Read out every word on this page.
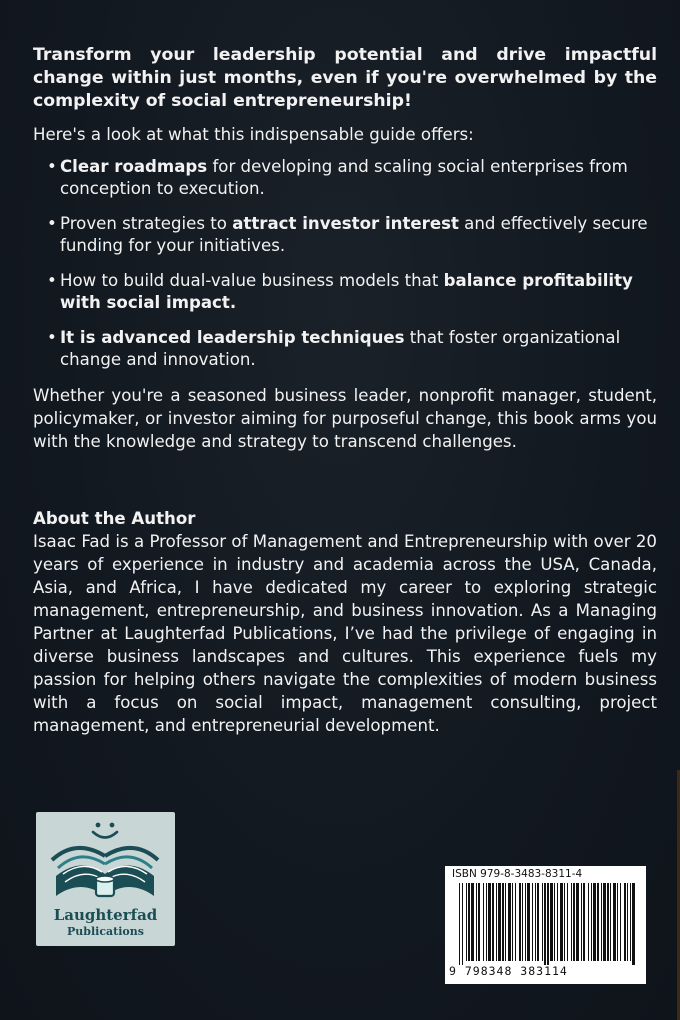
Transform your leadership potential and drive impactful change within just months, even if you're overwhelmed by the complexity of social entrepreneurship!

Here's a look at what this indispensable guide offers:

• Clear roadmaps for developing and scaling social enterprises from conception to execution.
• Proven strategies to attract investor interest and effectively secure funding for your initiatives.
• How to build dual-value business models that balance profitability with social impact.
• It is advanced leadership techniques that foster organizational change and innovation.

Whether you're a seasoned business leader, nonprofit manager, student, policymaker, or investor aiming for purposeful change, this book arms you with the knowledge and strategy to transcend challenges.

About the Author

Isaac Fad is a Professor of Management and Entrepreneurship with over 20 years of experience in industry and academia across the USA, Canada, Asia, and Africa, I have dedicated my career to exploring strategic management, entrepreneurship, and business innovation. As a Managing Partner at Laughterfad Publications, I’ve had the privilege of engaging in diverse business landscapes and cultures. This experience fuels my passion for helping others navigate the complexities of modern business with a focus on social impact, management consulting, project management, and entrepreneurial development.

Laughterfad
Publications
ISBN 979-8-3483-8311-4
9 798348 383114
